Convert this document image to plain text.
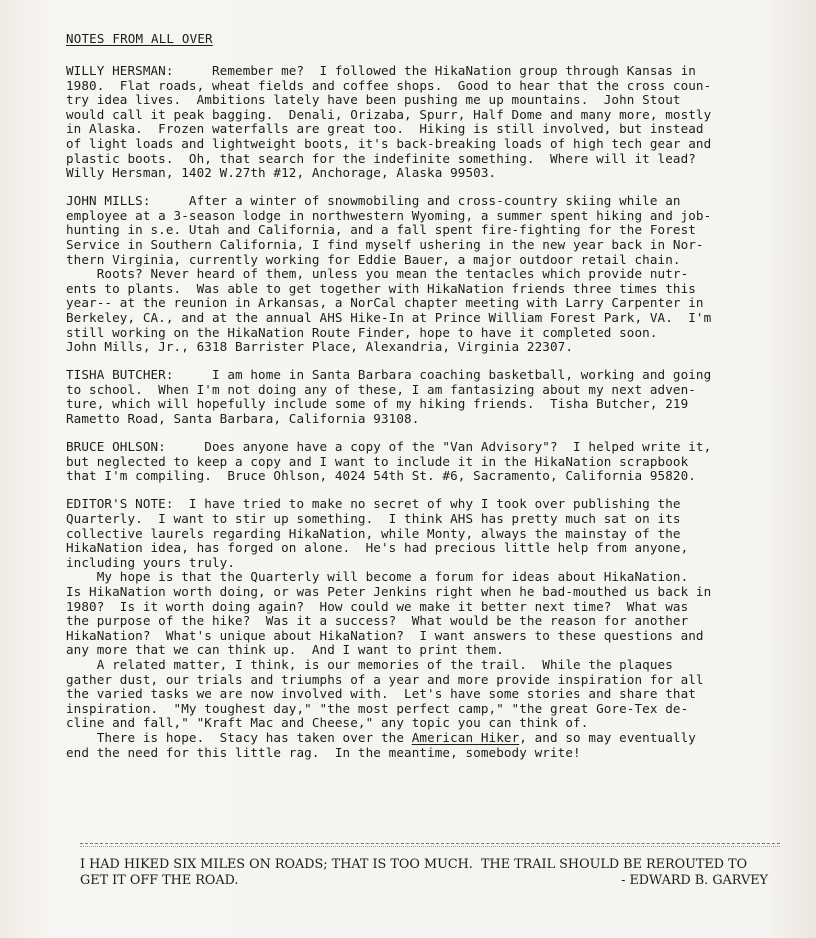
NOTES FROM ALL OVER
WILLY HERSMAN:     Remember me?  I followed the HikaNation group through Kansas in
1980.  Flat roads, wheat fields and coffee shops.  Good to hear that the cross coun-
try idea lives.  Ambitions lately have been pushing me up mountains.  John Stout
would call it peak bagging.  Denali, Orizaba, Spurr, Half Dome and many more, mostly
in Alaska.  Frozen waterfalls are great too.  Hiking is still involved, but instead
of light loads and lightweight boots, it's back-breaking loads of high tech gear and
plastic boots.  Oh, that search for the indefinite something.  Where will it lead?
Willy Hersman, 1402 W.27th #12, Anchorage, Alaska 99503.
JOHN MILLS:     After a winter of snowmobiling and cross-country skiing while an
employee at a 3-season lodge in northwestern Wyoming, a summer spent hiking and job-
hunting in s.e. Utah and California, and a fall spent fire-fighting for the Forest
Service in Southern California, I find myself ushering in the new year back in Nor-
thern Virginia, currently working for Eddie Bauer, a major outdoor retail chain.
Roots? Never heard of them, unless you mean the tentacles which provide nutr-
ents to plants.  Was able to get together with HikaNation friends three times this
year-- at the reunion in Arkansas, a NorCal chapter meeting with Larry Carpenter in
Berkeley, CA., and at the annual AHS Hike-In at Prince William Forest Park, VA.  I'm
still working on the HikaNation Route Finder, hope to have it completed soon.
John Mills, Jr., 6318 Barrister Place, Alexandria, Virginia 22307.
TISHA BUTCHER:     I am home in Santa Barbara coaching basketball, working and going
to school.  When I'm not doing any of these, I am fantasizing about my next adven-
ture, which will hopefully include some of my hiking friends.  Tisha Butcher, 219
Rametto Road, Santa Barbara, California 93108.
BRUCE OHLSON:     Does anyone have a copy of the "Van Advisory"?  I helped write it,
but neglected to keep a copy and I want to include it in the HikaNation scrapbook
that I'm compiling.  Bruce Ohlson, 4024 54th St. #6, Sacramento, California 95820.
EDITOR'S NOTE:  I have tried to make no secret of why I took over publishing the
Quarterly.  I want to stir up something.  I think AHS has pretty much sat on its
collective laurels regarding HikaNation, while Monty, always the mainstay of the
HikaNation idea, has forged on alone.  He's had precious little help from anyone,
including yours truly.
My hope is that the Quarterly will become a forum for ideas about HikaNation.
Is HikaNation worth doing, or was Peter Jenkins right when he bad-mouthed us back in
1980?  Is it worth doing again?  How could we make it better next time?  What was
the purpose of the hike?  Was it a success?  What would be the reason for another
HikaNation?  What's unique about HikaNation?  I want answers to these questions and
any more that we can think up.  And I want to print them.
A related matter, I think, is our memories of the trail.  While the plaques
gather dust, our trials and triumphs of a year and more provide inspiration for all
the varied tasks we are now involved with.  Let's have some stories and share that
inspiration.  "My toughest day," "the most perfect camp," "the great Gore-Tex de-
cline and fall," "Kraft Mac and Cheese," any topic you can think of.
There is hope.  Stacy has taken over the American Hiker, and so may eventually
end the need for this little rag.  In the meantime, somebody write!
I HAD HIKED SIX MILES ON ROADS; THAT IS TOO MUCH.  THE TRAIL SHOULD BE REROUTED TO
GET IT OFF THE ROAD.	- EDWARD B. GARVEY
